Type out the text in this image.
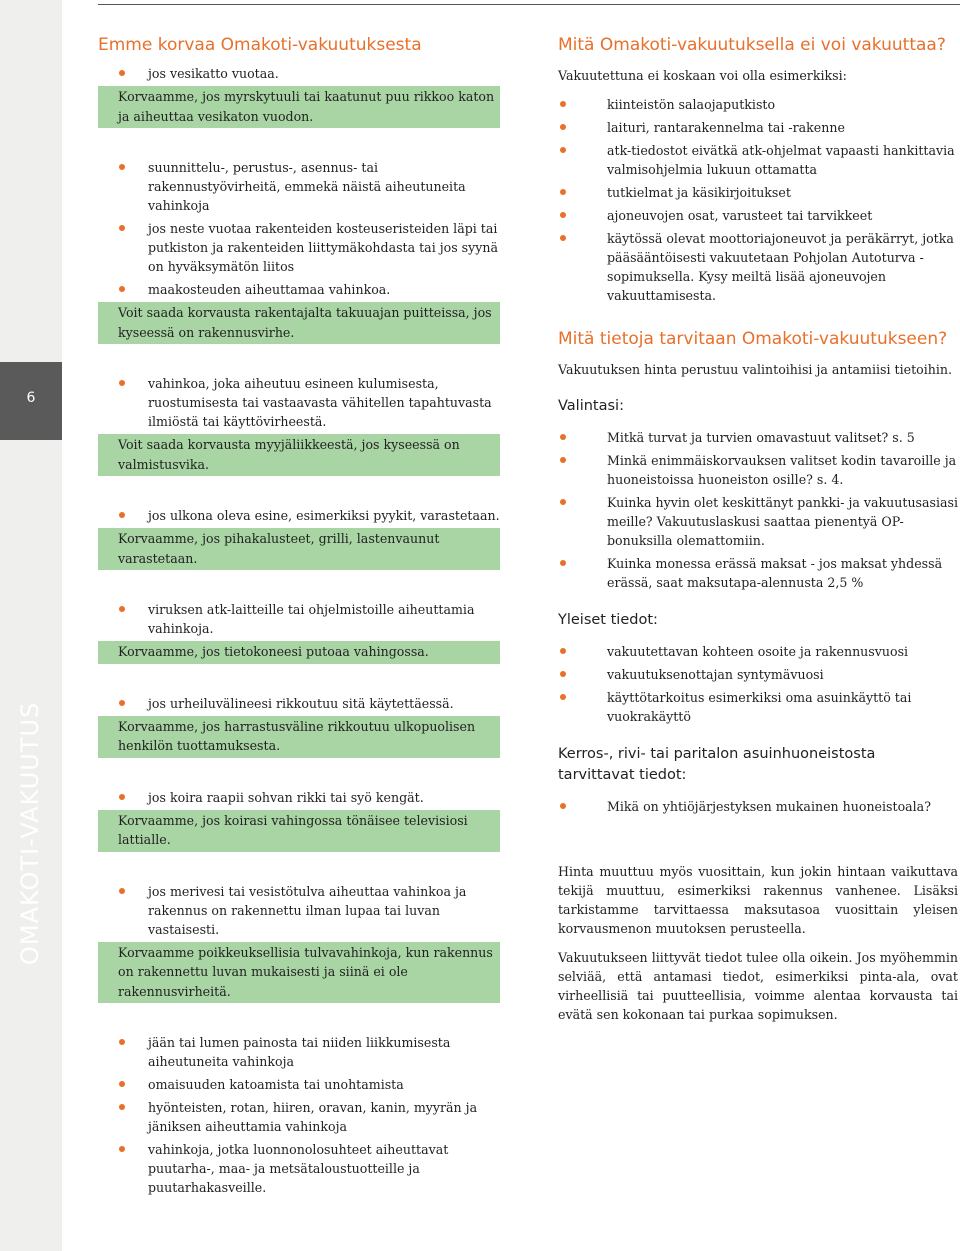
6
OMAKOTI-VAKUUTUS
Emme korvaa Omakoti-vakuutuksesta
jos vesikatto vuotaa.
Korvaamme, jos myrskytuuli tai kaatunut puu rikkoo katon ja aiheuttaa vesikaton vuodon.
suunnittelu-, perustus-, asennus- tai rakennustyövirheitä, emmekä näistä aiheutuneita vahinkoja
jos neste vuotaa rakenteiden kosteuseristeiden läpi tai putkiston ja rakenteiden liittymäkohdasta tai jos syynä on hyväksymätön liitos
maakosteuden aiheuttamaa vahinkoa.
Voit saada korvausta rakentajalta takuuajan puitteissa, jos kyseessä on rakennusvirhe.
vahinkoa, joka aiheutuu esineen kulumisesta, ruostumisesta tai vastaavasta vähitellen tapahtuvasta ilmiöstä tai käyttövirheestä.
Voit saada korvausta myyjäliikkeestä, jos kyseessä on valmistusvika.
jos ulkona oleva esine, esimerkiksi pyykit, varastetaan.
Korvaamme, jos pihakalusteet, grilli, lastenvaunut varastetaan.
viruksen atk-laitteille tai ohjelmistoille aiheuttamia vahinkoja.
Korvaamme, jos tietokoneesi putoaa vahingossa.
jos urheiluvälineesi rikkoutuu sitä käytettäessä.
Korvaamme, jos harrastusväline rikkoutuu ulkopuolisen henkilön tuottamuksesta.
jos koira raapii sohvan rikki tai syö kengät.
Korvaamme, jos koirasi vahingossa tönäisee televisiosi lattialle.
jos merivesi tai vesistötulva aiheuttaa vahinkoa ja rakennus on rakennettu ilman lupaa tai luvan vastaisesti.
Korvaamme poikkeuksellisia tulvavahinkoja, kun rakennus on rakennettu luvan mukaisesti ja siinä ei ole rakennusvirheitä.
jään tai lumen painosta tai niiden liikkumisesta aiheutuneita vahinkoja
omaisuuden katoamista tai unohtamista
hyönteisten, rotan, hiiren, oravan, kanin, myyrän ja jäniksen aiheuttamia vahinkoja
vahinkoja, jotka luonnonolosuhteet aiheuttavat puutarha-, maa- ja metsätaloustuotteille ja puutarhakasveille.
Mitä Omakoti-vakuutuksella ei voi vakuuttaa?

Vakuutettuna ei koskaan voi olla esimerkiksi:

kiinteistön salaojaputkisto
laituri, rantarakennelma tai -rakenne
atk-tiedostot eivätkä atk-ohjelmat vapaasti hankittavia valmisohjelmia lukuun ottamatta
tutkielmat ja käsikirjoitukset
ajoneuvojen osat, varusteet tai tarvikkeet
käytössä olevat moottoriajoneuvot ja peräkärryt, jotka pääsääntöisesti vakuutetaan Pohjolan Autoturva -sopimuksella. Kysy meiltä lisää ajoneuvojen vakuuttamisesta.
Mitä tietoja tarvitaan Omakoti-vakuutukseen?

Vakuutuksen hinta perustuu valintoihisi ja antamiisi tietoihin.

Valintasi:
Mitkä turvat ja turvien omavastuut valitset? s. 5
Minkä enimmäiskorvauksen valitset kodin tavaroille ja huoneistoissa huoneiston osille? s. 4.
Kuinka hyvin olet keskittänyt pankki- ja vakuutusasiasi meille? Vakuutuslaskusi saattaa pienentyä OP-bonuksilla olemattomiin.
Kuinka monessa erässä maksat - jos maksat yhdessä erässä, saat maksutapa-alennusta 2,5 %
Yleiset tiedot:
vakuutettavan kohteen osoite ja rakennusvuosi
vakuutuksenottajan syntymävuosi
käyttötarkoitus esimerkiksi oma asuinkäyttö tai vuokrakäyttö
Kerros-, rivi- tai paritalon asuinhuoneistosta tarvittavat tiedot:
Mikä on yhtiöjärjestyksen mukainen huoneistoala?

Hinta muuttuu myös vuosittain, kun jokin hintaan vaikuttava tekijä muuttuu, esimerkiksi rakennus vanhenee. Lisäksi tarkistamme tarvittaessa maksutasoa vuosittain yleisen korvausmenon muutoksen perusteella.

Vakuutukseen liittyvät tiedot tulee olla oikein. Jos myöhemmin selviää, että antamasi tiedot, esimerkiksi pinta-ala, ovat virheellisiä tai puutteellisia, voimme alentaa korvausta tai evätä sen kokonaan tai purkaa sopimuksen.
